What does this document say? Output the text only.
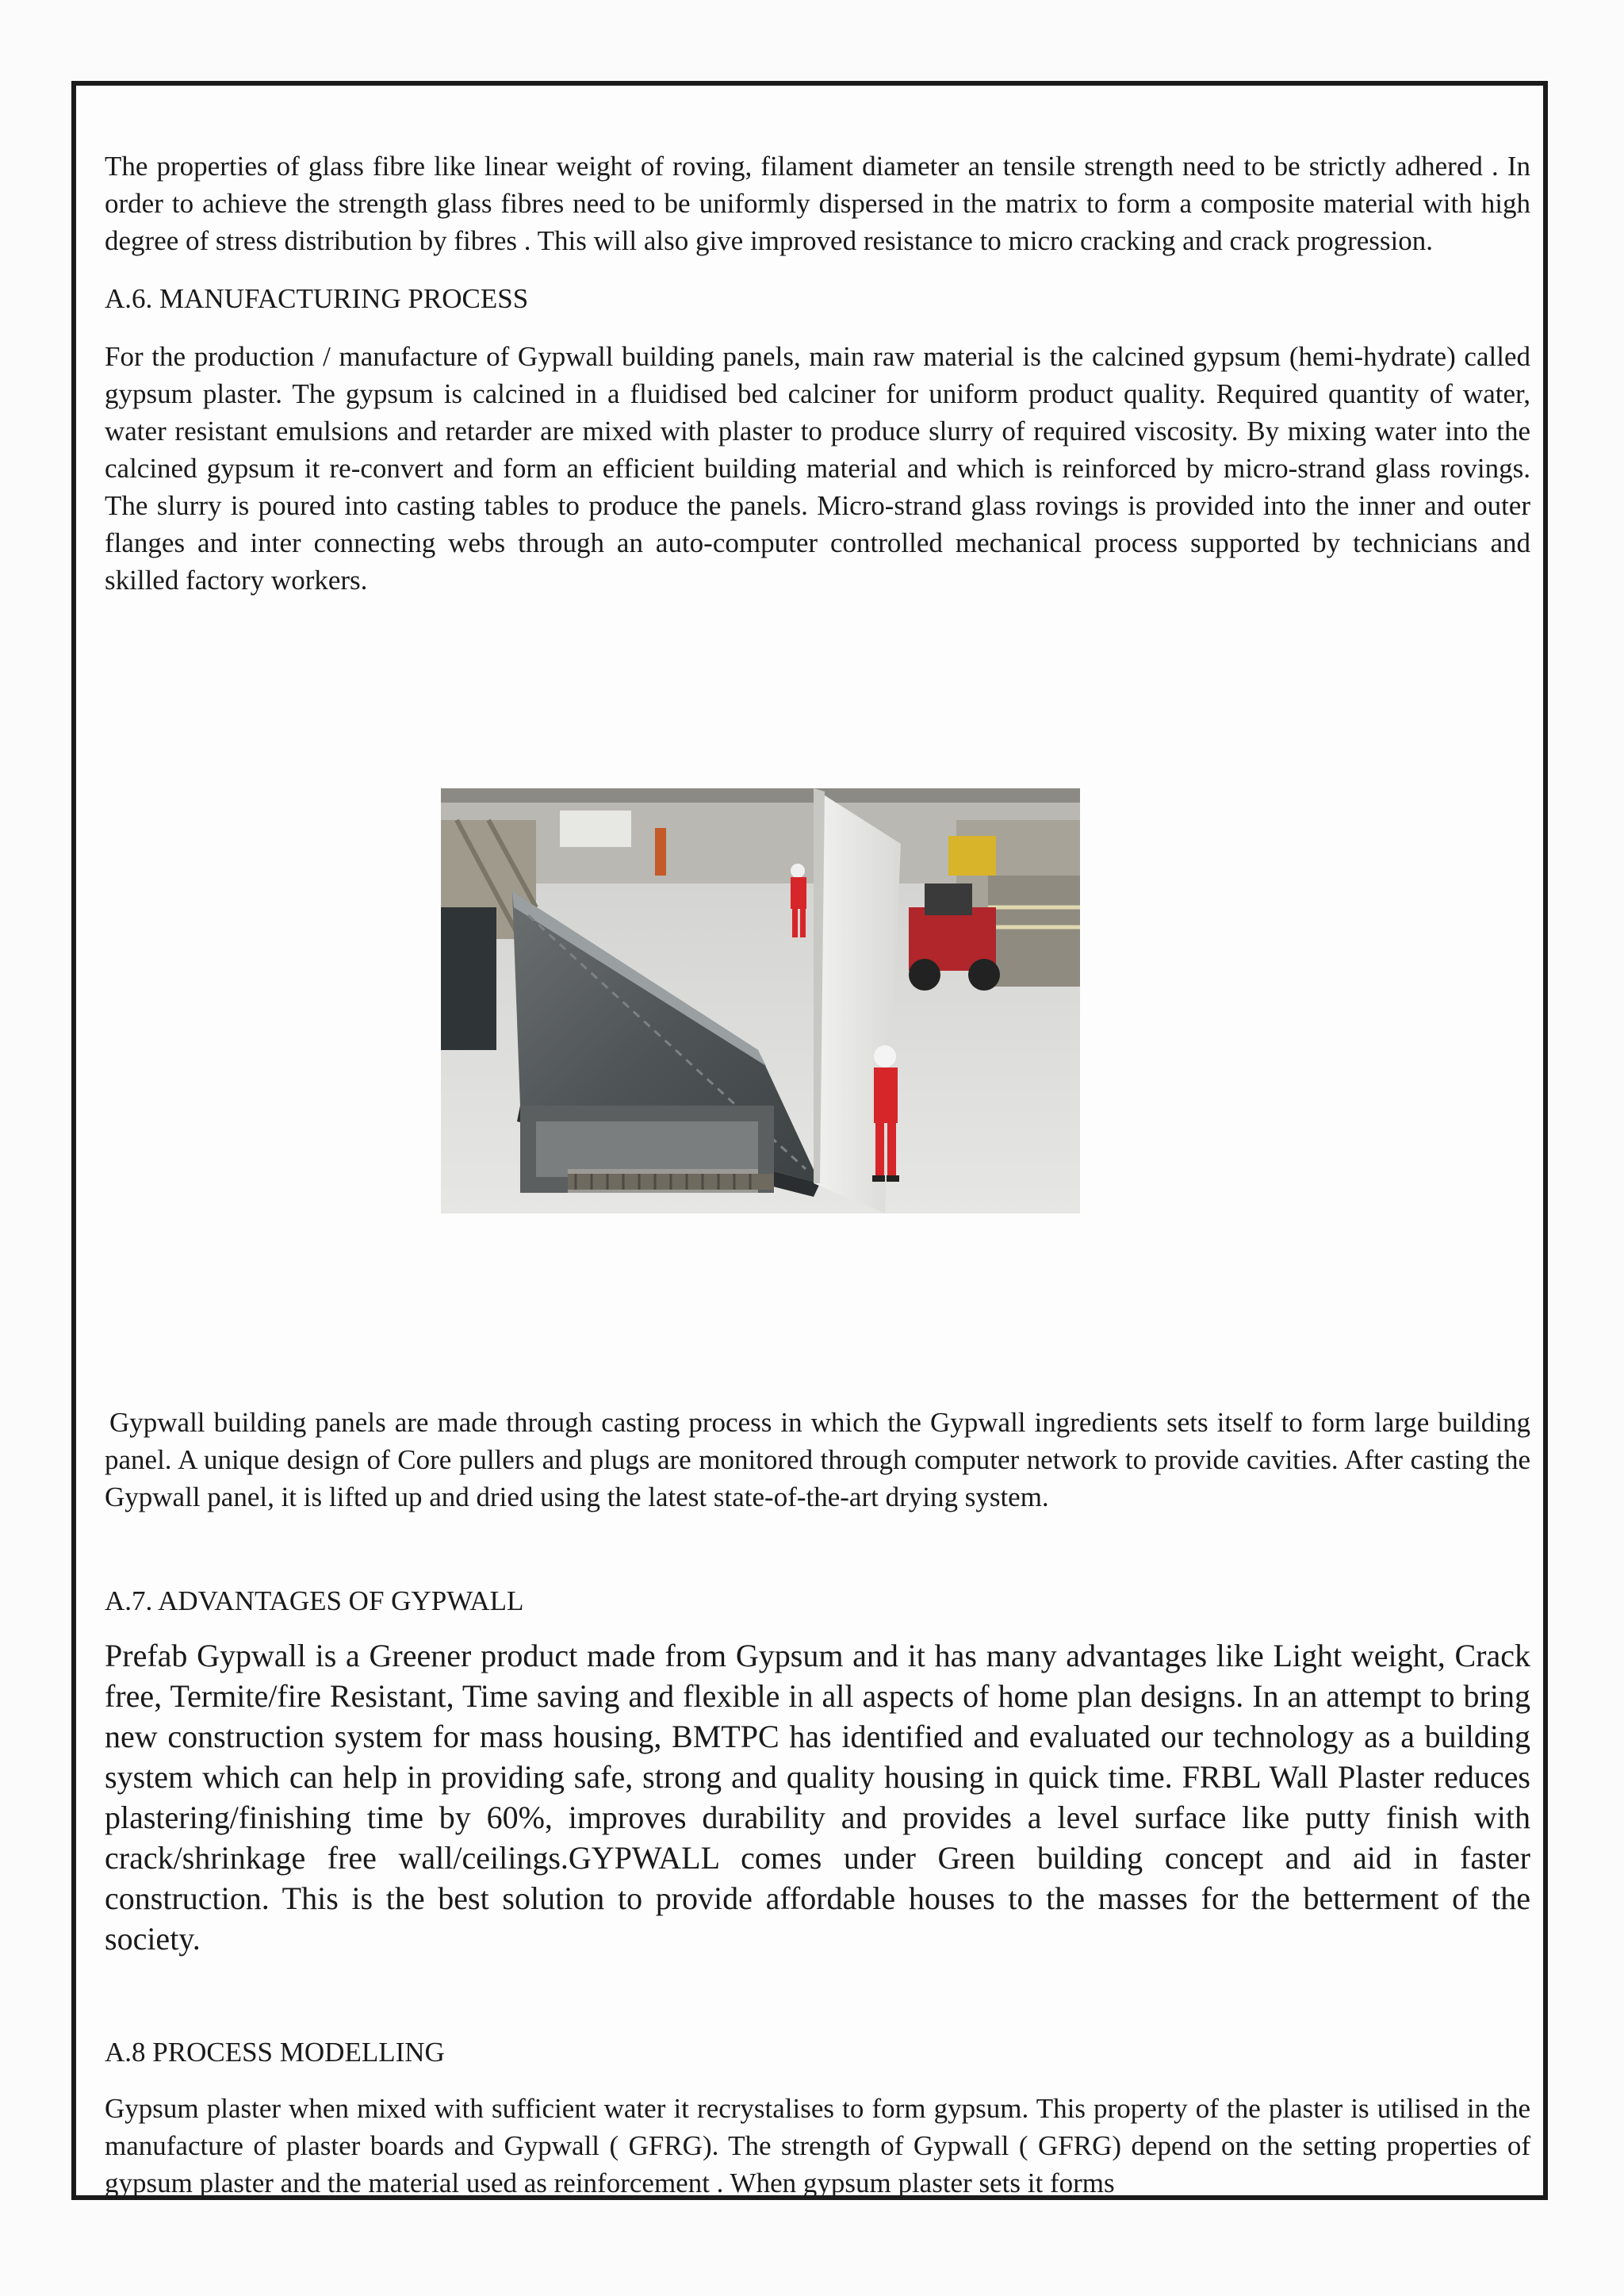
The properties of glass fibre like linear weight of roving, filament diameter an tensile strength need to be strictly adhered . In order to achieve the strength glass fibres need to be uniformly dispersed in the matrix to form a composite material with high degree of stress distribution by fibres . This will also give improved resistance to micro cracking and crack progression.

A.6. MANUFACTURING PROCESS

For the production / manufacture of Gypwall building panels, main raw material is the calcined gypsum (hemi-hydrate) called gypsum plaster. The gypsum is calcined in a fluidised bed calciner for uniform product quality. Required quantity of water, water resistant emulsions and retarder are mixed with plaster to produce slurry of required viscosity. By mixing water into the calcined gypsum it re-convert and form an efficient building material and which is reinforced by micro-strand glass rovings. The slurry is poured into casting tables to produce the panels. Micro-strand glass rovings is provided into the inner and outer flanges and inter connecting webs through an auto-computer controlled mechanical process supported by technicians and skilled factory workers.

Gypwall building panels are made through casting process in which the Gypwall ingredients sets itself to form large building panel. A unique design of Core pullers and plugs are monitored through computer network to provide cavities. After casting the Gypwall panel, it is lifted up and dried using the latest state-of-the-art drying system.

A.7. ADVANTAGES OF GYPWALL

Prefab Gypwall is a Greener product made from Gypsum and it has many advantages like Light weight, Crack free, Termite/fire Resistant, Time saving and flexible in all aspects of home plan designs. In an attempt to bring new construction system for mass housing, BMTPC has identified and evaluated our technology as a building system which can help in providing safe, strong and quality housing in quick time. FRBL Wall Plaster reduces plastering/finishing time by 60%, improves durability and provides a level surface like putty finish with crack/shrinkage free wall/ceilings.GYPWALL comes under Green building concept and aid in faster construction. This is the best solution to provide affordable houses to the masses for the betterment of the society.

A.8 PROCESS MODELLING

Gypsum plaster when mixed with sufficient water it recrystalises to form gypsum. This property of the plaster is utilised in the manufacture of plaster boards and Gypwall ( GFRG). The strength of Gypwall ( GFRG) depend on the setting properties of gypsum plaster and the material used as reinforcement . When gypsum plaster sets it forms
